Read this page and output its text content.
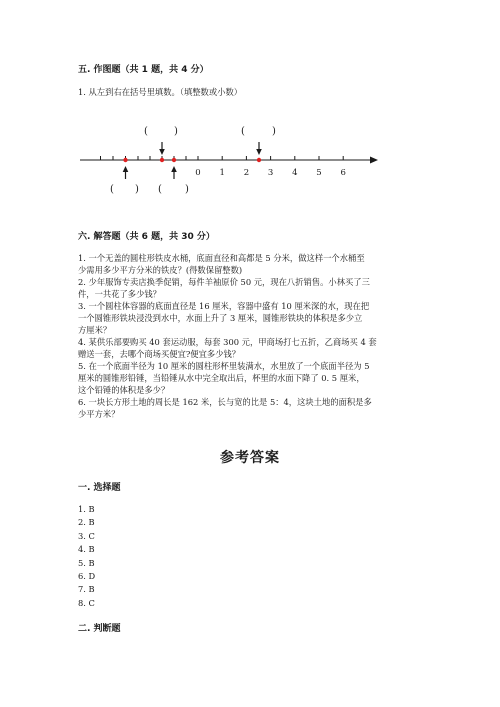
五. 作图题（共 1 题，共 4 分）
1. 从左到右在括号里填数。（填整数或小数）
0 1 2 3 4 5 6
(	)	(	)
( ) ( )
六. 解答题（共 6 题，共 30 分）
1. 一个无盖的圆柱形铁皮水桶，底面直径和高都是 5 分米，做这样一个水桶至
少需用多少平方分米的铁皮？(得数保留整数)
2. 少年服饰专卖店换季促销，每件羊袖原价 50 元，现在八折销售。小林买了三
件，一共花了多少钱？
3. 一个圆柱体容器的底面直径是 16 厘米，容器中盛有 10 厘米深的水，现在把
一个圆锥形铁块浸没到水中，水面上升了 3 厘米，圆锥形铁块的体积是多少立
方厘米？
4. 某供乐部要购买 40 套运动服，每套 300 元，甲商场打七五折，乙商场买 4 套
赠送一套，去哪个商场买便宜?便宜多少钱？
5. 在一个底面半径为 10 厘米的圆柱形杯里装满水，水里放了一个底面半径为 5
厘米的圆锥形铅锤，当铅锤从水中完全取出后，杯里的水面下降了 0. 5 厘米，
这个铅锤的体积是多少？
6. 一块长方形土地的周长是 162 米，长与宽的比是 5：4，这块土地的面积是多
少平方米？
参考答案
一. 选择题
1. B
2. B
3. C
4. B
5. B
6. D
7. B
8. C
二. 判断题
